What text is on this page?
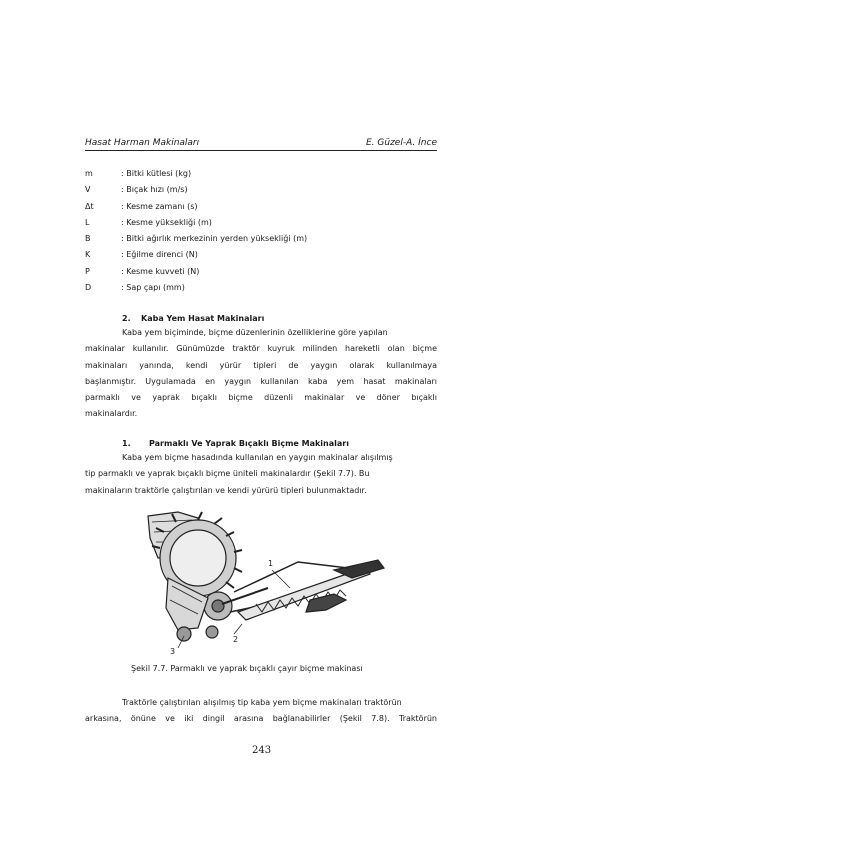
Hasat Harman Makinaları	E. Güzel-A. İnce
m	: Bitki kütlesi (kg)
V	: Bıçak hızı (m/s)
Δt	: Kesme zamanı (s)
L	: Kesme yüksekliği (m)
B	: Bitki ağırlık merkezinin yerden yüksekliği (m)
K	: Eğilme direnci (N)
P	: Kesme kuvveti (N)
D	: Sap çapı (mm)
2. Kaba Yem Hasat Makinaları
Kaba yem biçiminde, biçme düzenlerinin özelliklerine göre yapılan
makinalar kullanılır. Günümüzde traktör kuyruk milinden hareketli olan biçme
makinaları yanında, kendi yürür tipleri de yaygın olarak kullanılmaya
başlanmıştır. Uygulamada en yaygın kullanılan kaba yem hasat makinaları
parmaklı ve yaprak bıçaklı biçme düzenli makinalar ve döner bıçaklı
makinalardır.
1. Parmaklı Ve Yaprak Bıçaklı Biçme Makinaları
Kaba yem biçme hasadında kullanılan en yaygın makinalar alışılmış
tip parmaklı ve yaprak bıçaklı biçme üniteli makinalardır (Şekil 7.7). Bu
makinaların traktörle çalıştırılan ve kendi yürürü tipleri bulunmaktadır.
1
2
3
Şekil 7.7. Parmaklı ve yaprak bıçaklı çayır biçme makinası
Traktörle çalıştırılan alışılmış tip kaba yem biçme makinaları traktörün
arkasına, önüne ve iki dingil arasına bağlanabilirler (Şekil 7.8). Traktörün
243
